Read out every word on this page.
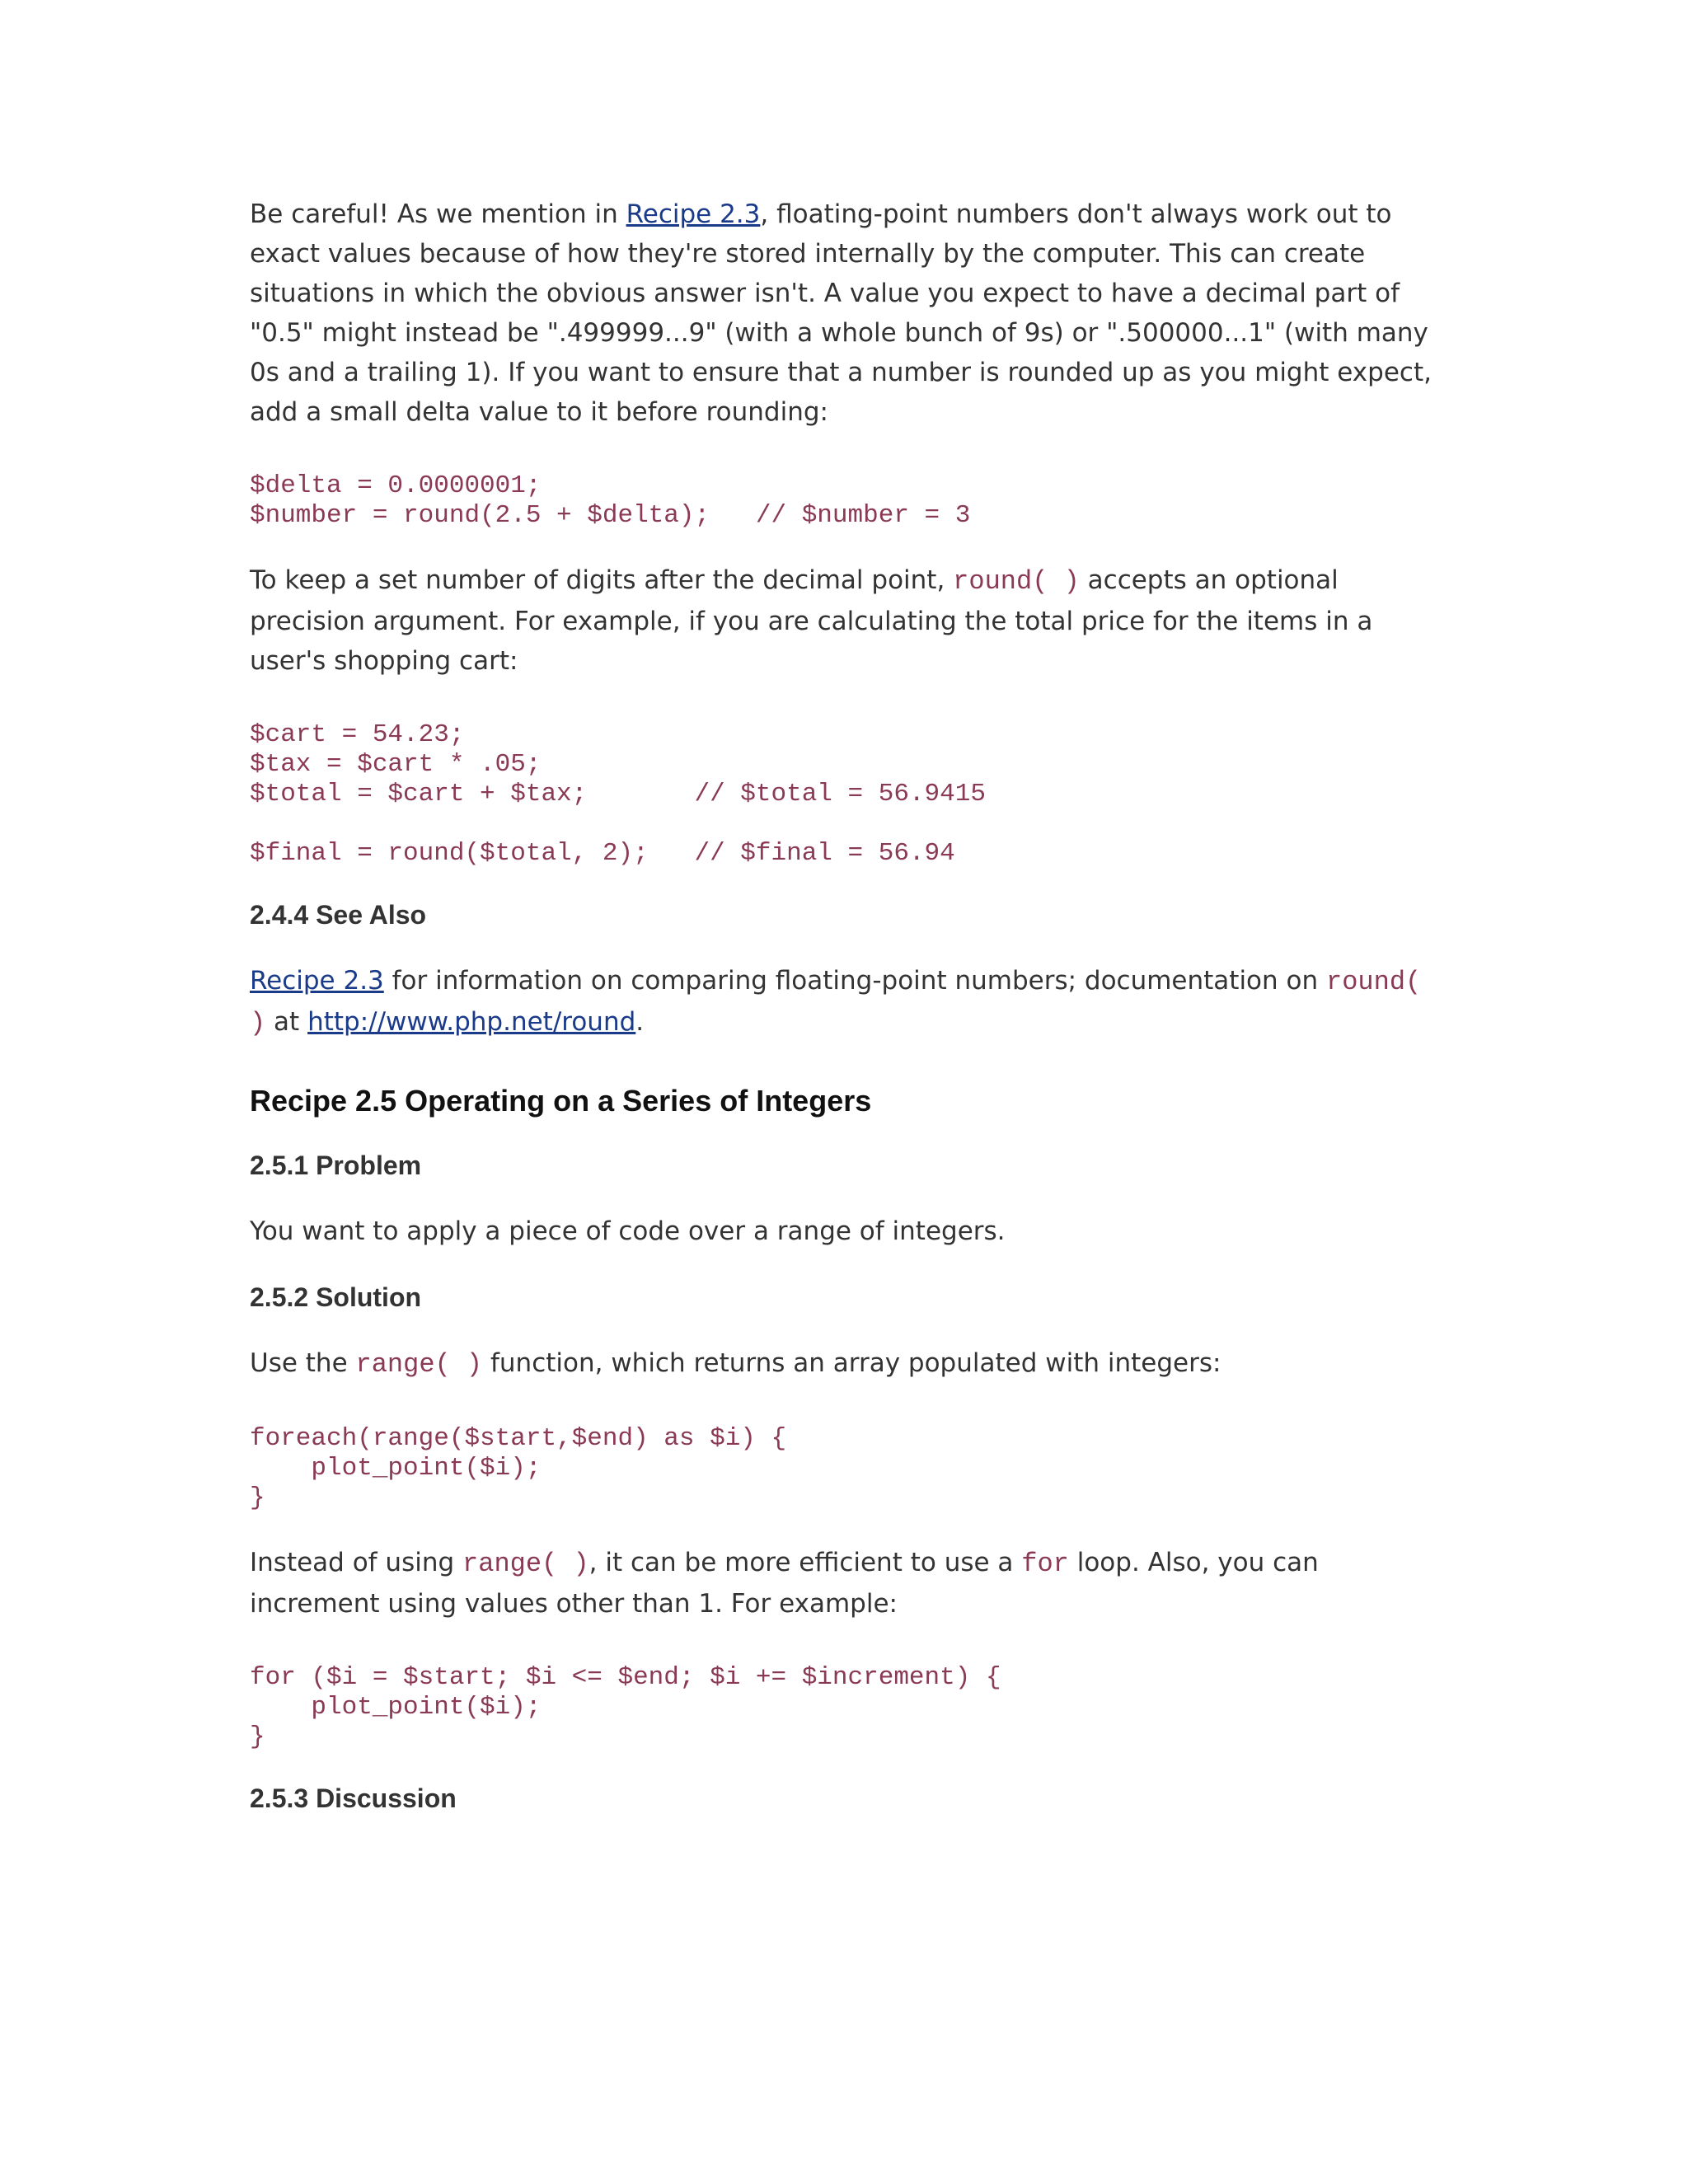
Be careful! As we mention in Recipe 2.3, floating-point numbers don't always work out to exact values because of how they're stored internally by the computer. This can create situations in which the obvious answer isn't. A value you expect to have a decimal part of "0.5" might instead be ".499999...9" (with a whole bunch of 9s) or ".500000...1" (with many 0s and a trailing 1). If you want to ensure that a number is rounded up as you might expect, add a small delta value to it before rounding:

$delta = 0.0000001;
$number = round(2.5 + $delta);   // $number = 3

To keep a set number of digits after the decimal point, round( ) accepts an optional precision argument. For example, if you are calculating the total price for the items in a user's shopping cart:

$cart = 54.23;
$tax = $cart * .05;
$total = $cart + $tax;       // $total = 56.9415

$final = round($total, 2);   // $final = 56.94
2.4.4 See Also

Recipe 2.3 for information on comparing floating-point numbers; documentation on round( ) at http://www.php.net/round.

Recipe 2.5 Operating on a Series of Integers
2.5.1 Problem

You want to apply a piece of code over a range of integers.

2.5.2 Solution

Use the range( ) function, which returns an array populated with integers:

foreach(range($start,$end) as $i) {
plot_point($i);
}

Instead of using range( ), it can be more efficient to use a for loop. Also, you can increment using values other than 1. For example:

for ($i = $start; $i <= $end; $i += $increment) {
plot_point($i);
}
2.5.3 Discussion
